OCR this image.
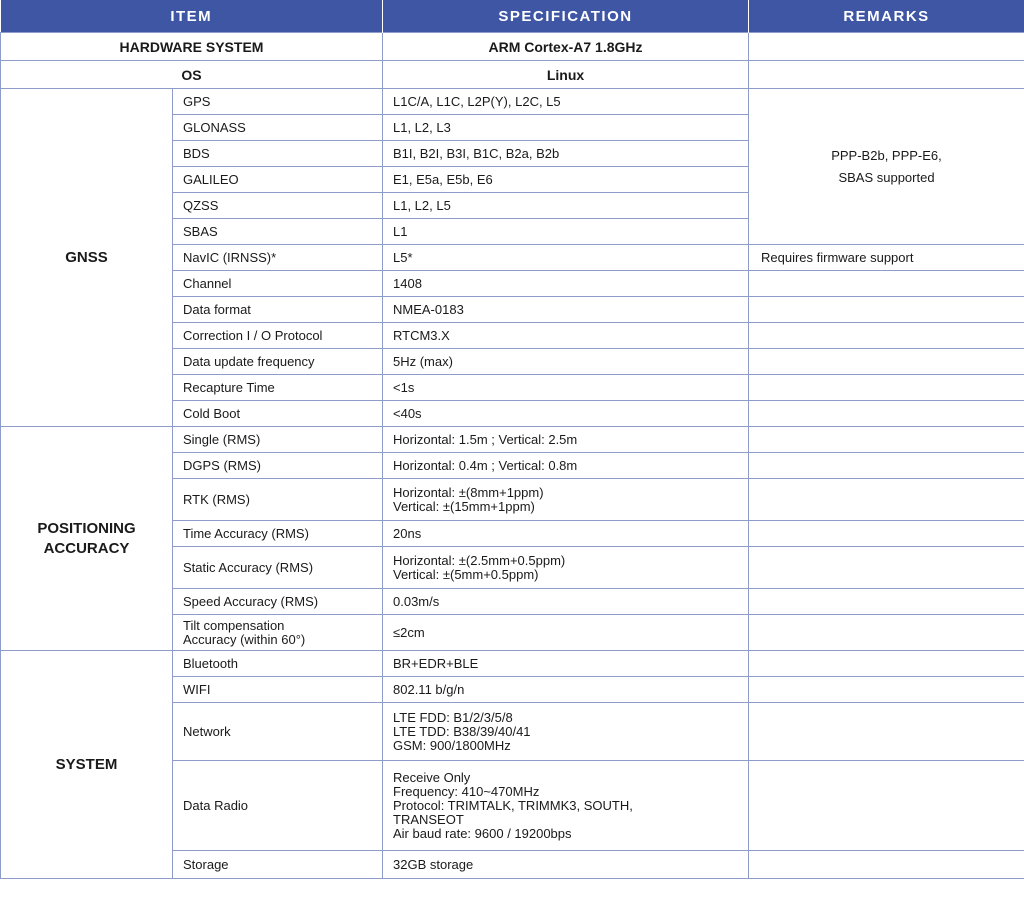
ITEM		SPECIFICATION	REMARKS
HARDWARE SYSTEM		ARM Cortex-A7 1.8GHz	
OS		Linux	
GNSS	GPS	L1C/A, L1C, L2P(Y), L2C, L5	PPP-B2b, PPP-E6,
SBAS supported

	GLONASS	L1, L2, L3	
	BDS	B1I, B2I, B3I, B1C, B2a, B2b	
	GALILEO	E1, E5a, E5b, E6	
	QZSS	L1, L2, L5	
	SBAS	L1	
	NavIC (IRNSS)*	L5*	Requires firmware support
	Channel	1408	
	Data format	NMEA-0183	
	Correction I / O Protocol	RTCM3.X	
	Data update frequency	5Hz (max)	
	Recapture Time	<1s	
	Cold Boot	<40s	

POSITIONING
ACCURACY	Single (RMS)	Horizontal: 1.5m ; Vertical: 2.5m	
	DGPS (RMS)	Horizontal: 0.4m ; Vertical: 0.8m	
	RTK (RMS)	Horizontal: ±(8mm+1ppm)
Vertical: ±(15mm+1ppm)	

	Time Accuracy (RMS)	20ns	
	Static Accuracy (RMS)	Horizontal: ±(2.5mm+0.5ppm)
Vertical: ±(5mm+0.5ppm)	

	Speed Accuracy (RMS)	0.03m/s	

	Tilt compensation
Accuracy (within 60°)	≤2cm	
SYSTEM	Bluetooth	BR+EDR+BLE	
	WIFI	802.11 b/g/n	
	Network	LTE FDD: B1/2/3/5/8
LTE TDD: B38/39/40/41
GSM: 900/1800MHz	

	Data Radio	Receive Only
Frequency: 410~470MHz
Protocol: TRIMTALK, TRIMMK3, SOUTH,
TRANSEOT
Air baud rate: 9600 / 19200bps	

	Storage	32GB storage	
